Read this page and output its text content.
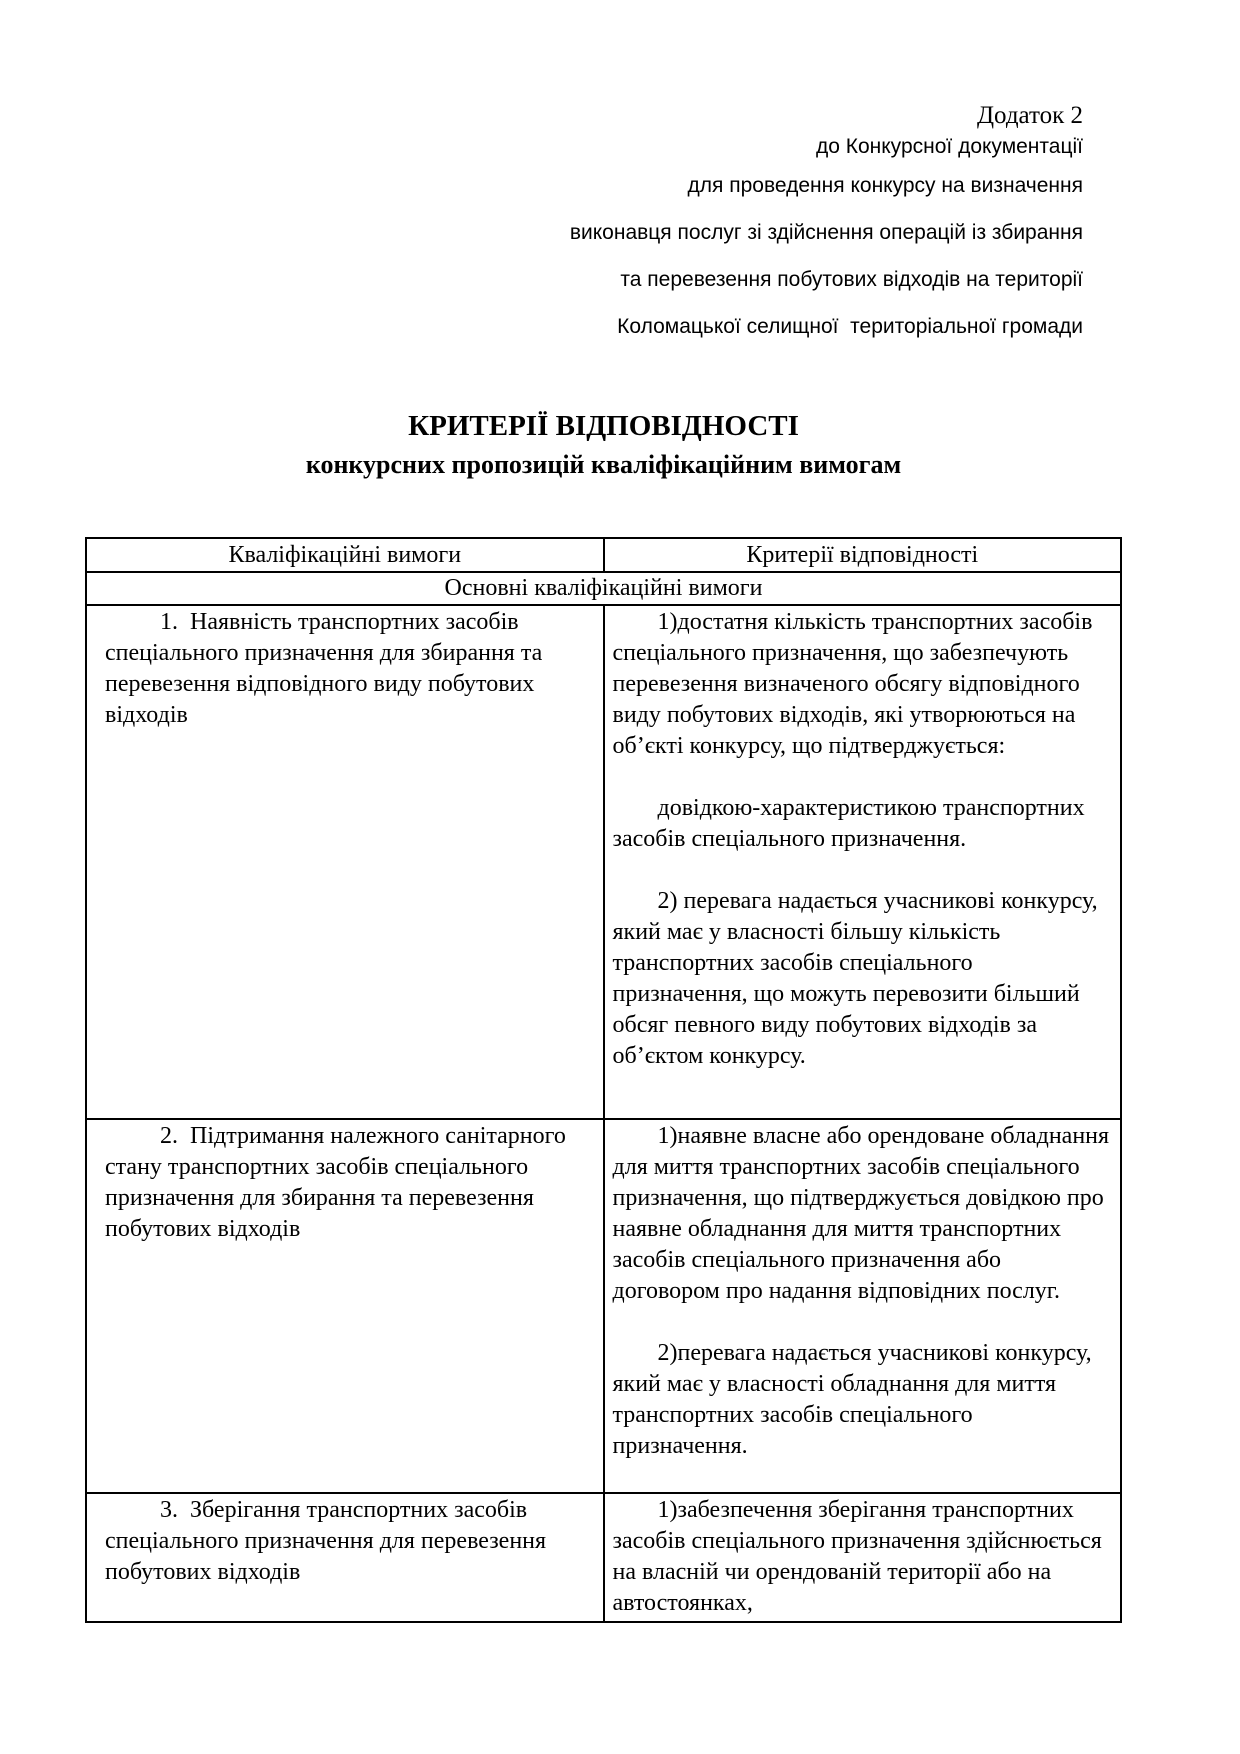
Додаток 2
до Конкурсної документації
для проведення конкурсу на визначення
виконавця послуг зі здійснення операцій із збирання
та перевезення побутових відходів на території
Коломацької селищної  територіальної громади

КРИТЕРІЇ ВІДПОВІДНОСТІ

конкурсних пропозицій кваліфікаційним вимогам

Кваліфікаційні вимоги	Критерії відповідності
Основні кваліфікаційні вимоги	

1.  Наявність транспортних засобів спеціального призначення для збирання та перевезення відповідного виду побутових відходів	1)достатня кількість транспортних засобів спеціального призначення, що забезпечують перевезення визначеного обсягу відповідного виду побутових відходів, які утворюються на об’єкті конкурсу, що підтверджується:

довідкою-характеристикою транспортних засобів спеціального призначення.

2) перевага надається учасникові конкурсу, який має у власності більшу кількість транспортних засобів спеціального призначення, що можуть перевозити більший обсяг певного виду побутових відходів за об’єктом конкурсу.

2.  Підтримання належного санітарного стану транспортних засобів спеціального призначення для збирання та перевезення побутових відходів	1)наявне власне або орендоване обладнання для миття транспортних засобів спеціального призначення, що підтверджується довідкою про наявне обладнання для миття транспортних засобів спеціального призначення або договором про надання відповідних послуг.

2)перевага надається учасникові конкурсу, який має у власності обладнання для миття транспортних засобів спеціального призначення.

3.  Зберігання транспортних засобів спеціального призначення для перевезення побутових відходів	1)забезпечення зберігання транспортних засобів спеціального призначення здійснюється на власній чи орендованій території або на автостоянках,
